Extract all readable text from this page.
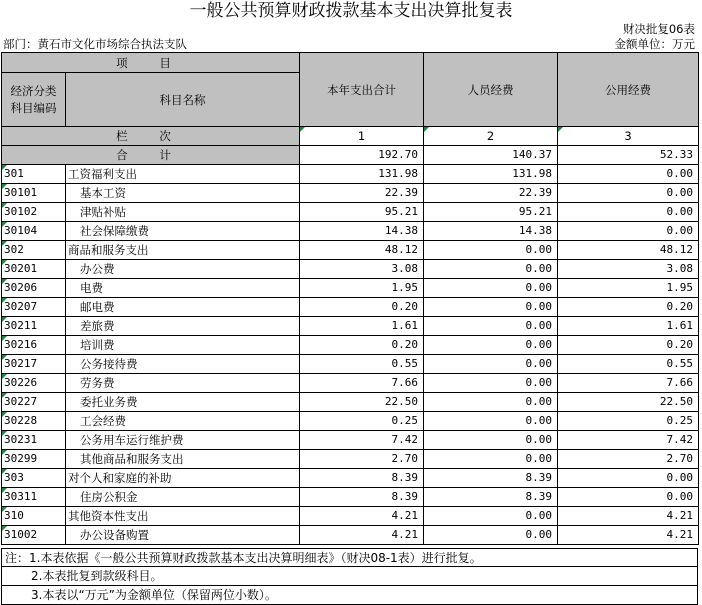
一般公共预算财政拨款基本支出决算批复表
财决批复06表
部门：黄石市文化市场综合执法支队	金额单位：万元
项 目		本年支出合计	人员经费	公用经费
经济分类科目编码	科目名称			

栏 次		1	2	3
合 计		192.70	140.37	52.33

301	工资福利支出	131.98	131.98	0.00

30101	基本工资	22.39	22.39	0.00

30102	津贴补贴	95.21	95.21	0.00

30104	社会保障缴费	14.38	14.38	0.00

302	商品和服务支出	48.12	0.00	48.12

30201	办公费	3.08	0.00	3.08

30206	电费	1.95	0.00	1.95

30207	邮电费	0.20	0.00	0.20

30211	差旅费	1.61	0.00	1.61

30216	培训费	0.20	0.00	0.20

30217	公务接待费	0.55	0.00	0.55

30226	劳务费	7.66	0.00	7.66

30227	委托业务费	22.50	0.00	22.50

30228	工会经费	0.25	0.00	0.25

30231	公务用车运行维护费	7.42	0.00	7.42

30299	其他商品和服务支出	2.70	0.00	2.70

303	对个人和家庭的补助	8.39	8.39	0.00

30311	住房公积金	8.39	8.39	0.00

310	其他资本性支出	4.21	0.00	4.21

31002	办公设备购置	4.21	0.00	4.21
注：1.本表依据《一般公共预算财政拨款基本支出决算明细表》（财决08-1表）进行批复。
2.本表批复到款级科目。
3.本表以“万元”为金额单位（保留两位小数）。
